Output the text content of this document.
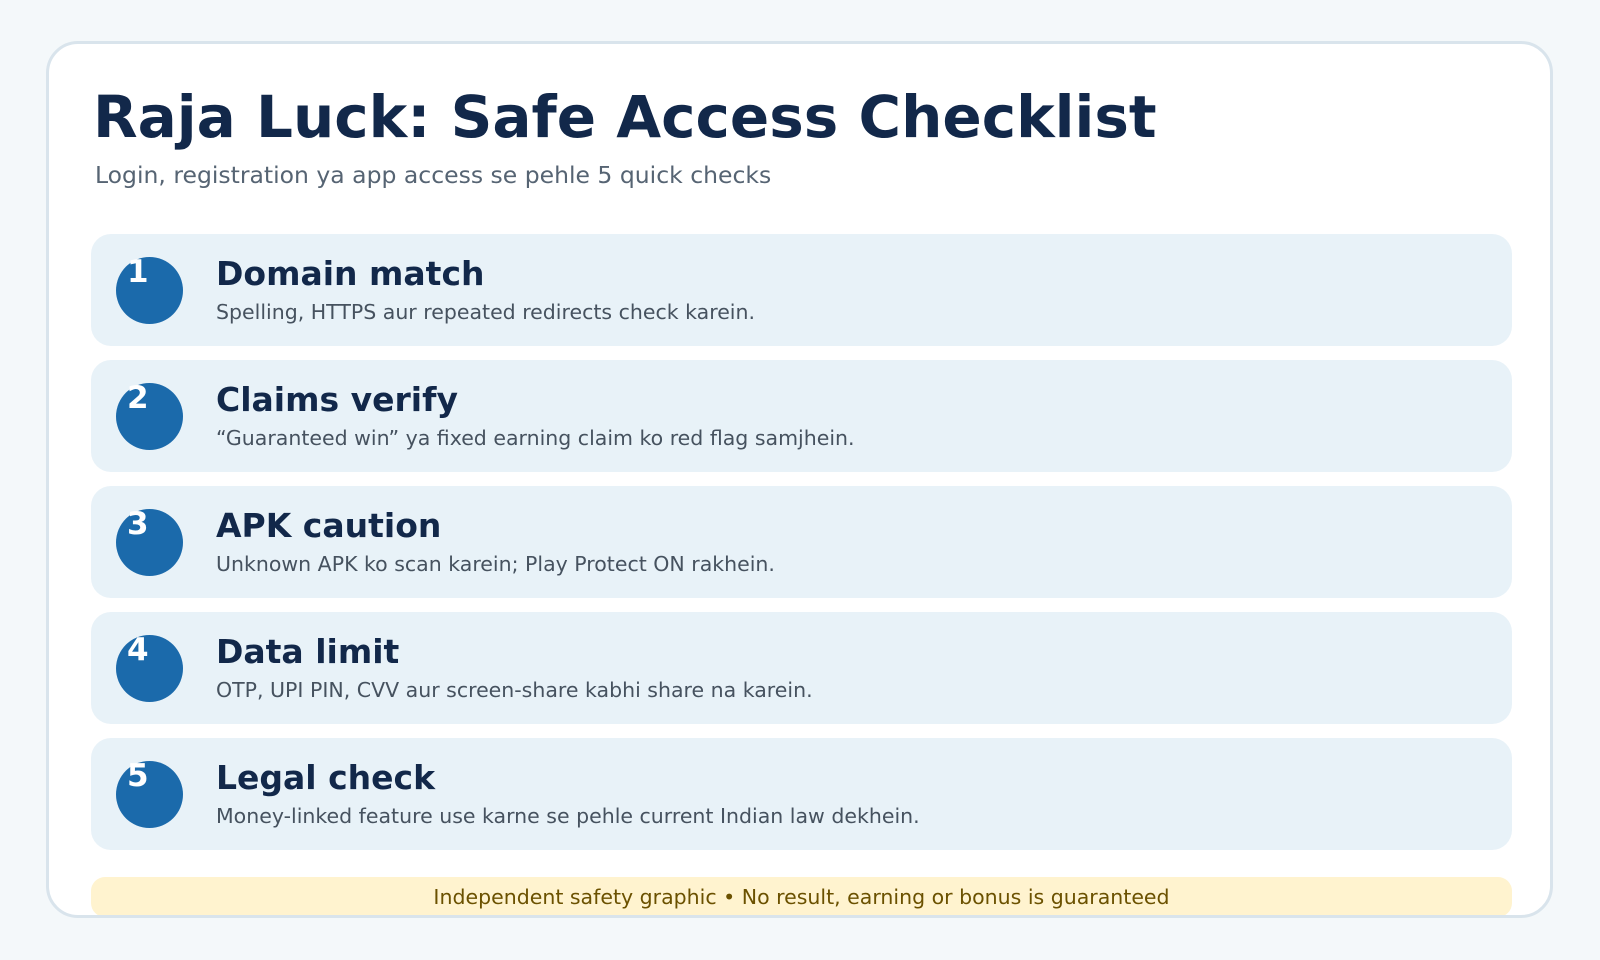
Raja Luck: Safe Access Checklist

Login, registration ya app access se pehle 5 quick checks

1 Domain match
Spelling, HTTPS aur repeated redirects check karein.
2 Claims verify
“Guaranteed win” ya fixed earning claim ko red flag samjhein.
3 APK caution
Unknown APK ko scan karein; Play Protect ON rakhein.
4 Data limit
OTP, UPI PIN, CVV aur screen-share kabhi share na karein.
5 Legal check
Money-linked feature use karne se pehle current Indian law dekhein.
Independent safety graphic • No result, earning or bonus is guaranteed
